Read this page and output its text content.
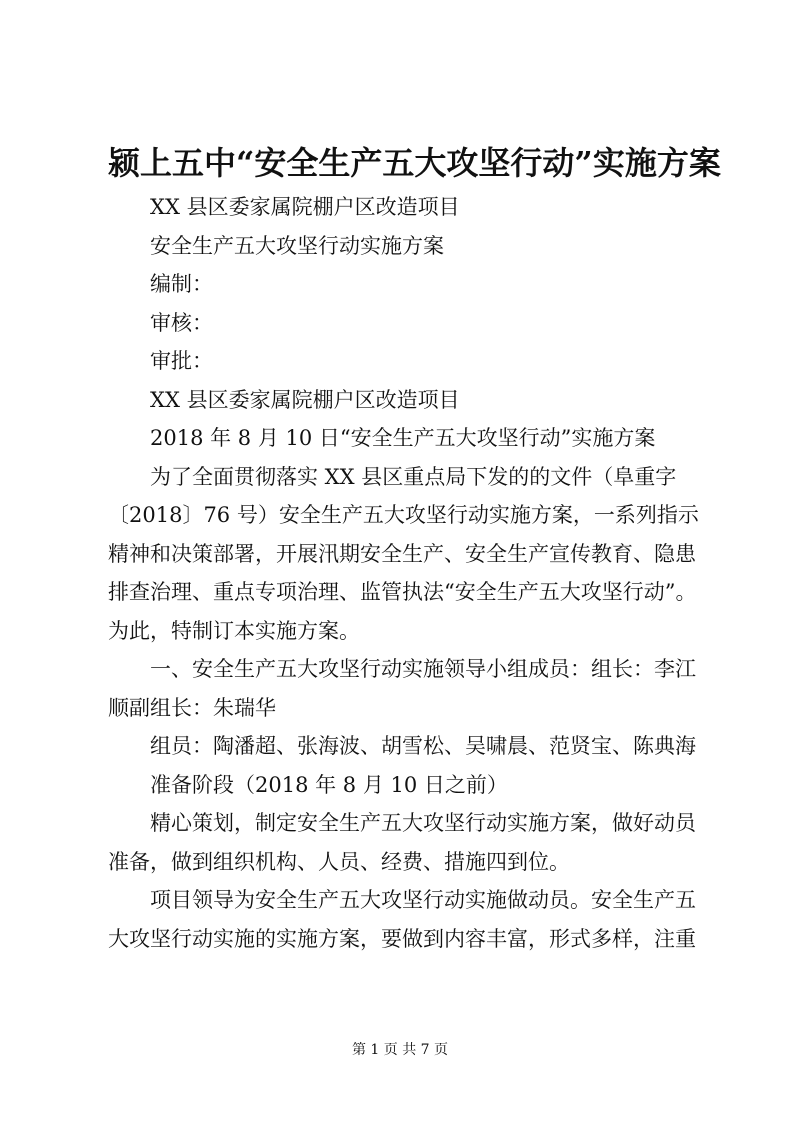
颍上五中“安全生产五大攻坚行动”实施方案

XX 县区委家属院棚户区改造项目

安全生产五大攻坚行动实施方案

编制：

审核：

审批：

XX 县区委家属院棚户区改造项目

2018 年 8 月 10 日“安全生产五大攻坚行动”实施方案

为了全面贯彻落实 XX 县区重点局下发的的文件（阜重字

〔2018〕76 号）安全生产五大攻坚行动实施方案，一系列指示

精神和决策部署，开展汛期安全生产、安全生产宣传教育、隐患

排查治理、重点专项治理、监管执法“安全生产五大攻坚行动”。

为此，特制订本实施方案。

一、安全生产五大攻坚行动实施领导小组成员：组长：李江

顺副组长：朱瑞华

组员：陶潘超、张海波、胡雪松、吴啸晨、范贤宝、陈典海

准备阶段（2018 年 8 月 10 日之前）

精心策划，制定安全生产五大攻坚行动实施方案，做好动员

准备，做到组织机构、人员、经费、措施四到位。

项目领导为安全生产五大攻坚行动实施做动员。安全生产五

大攻坚行动实施的实施方案，要做到内容丰富，形式多样，注重

第 1 页 共 7 页
